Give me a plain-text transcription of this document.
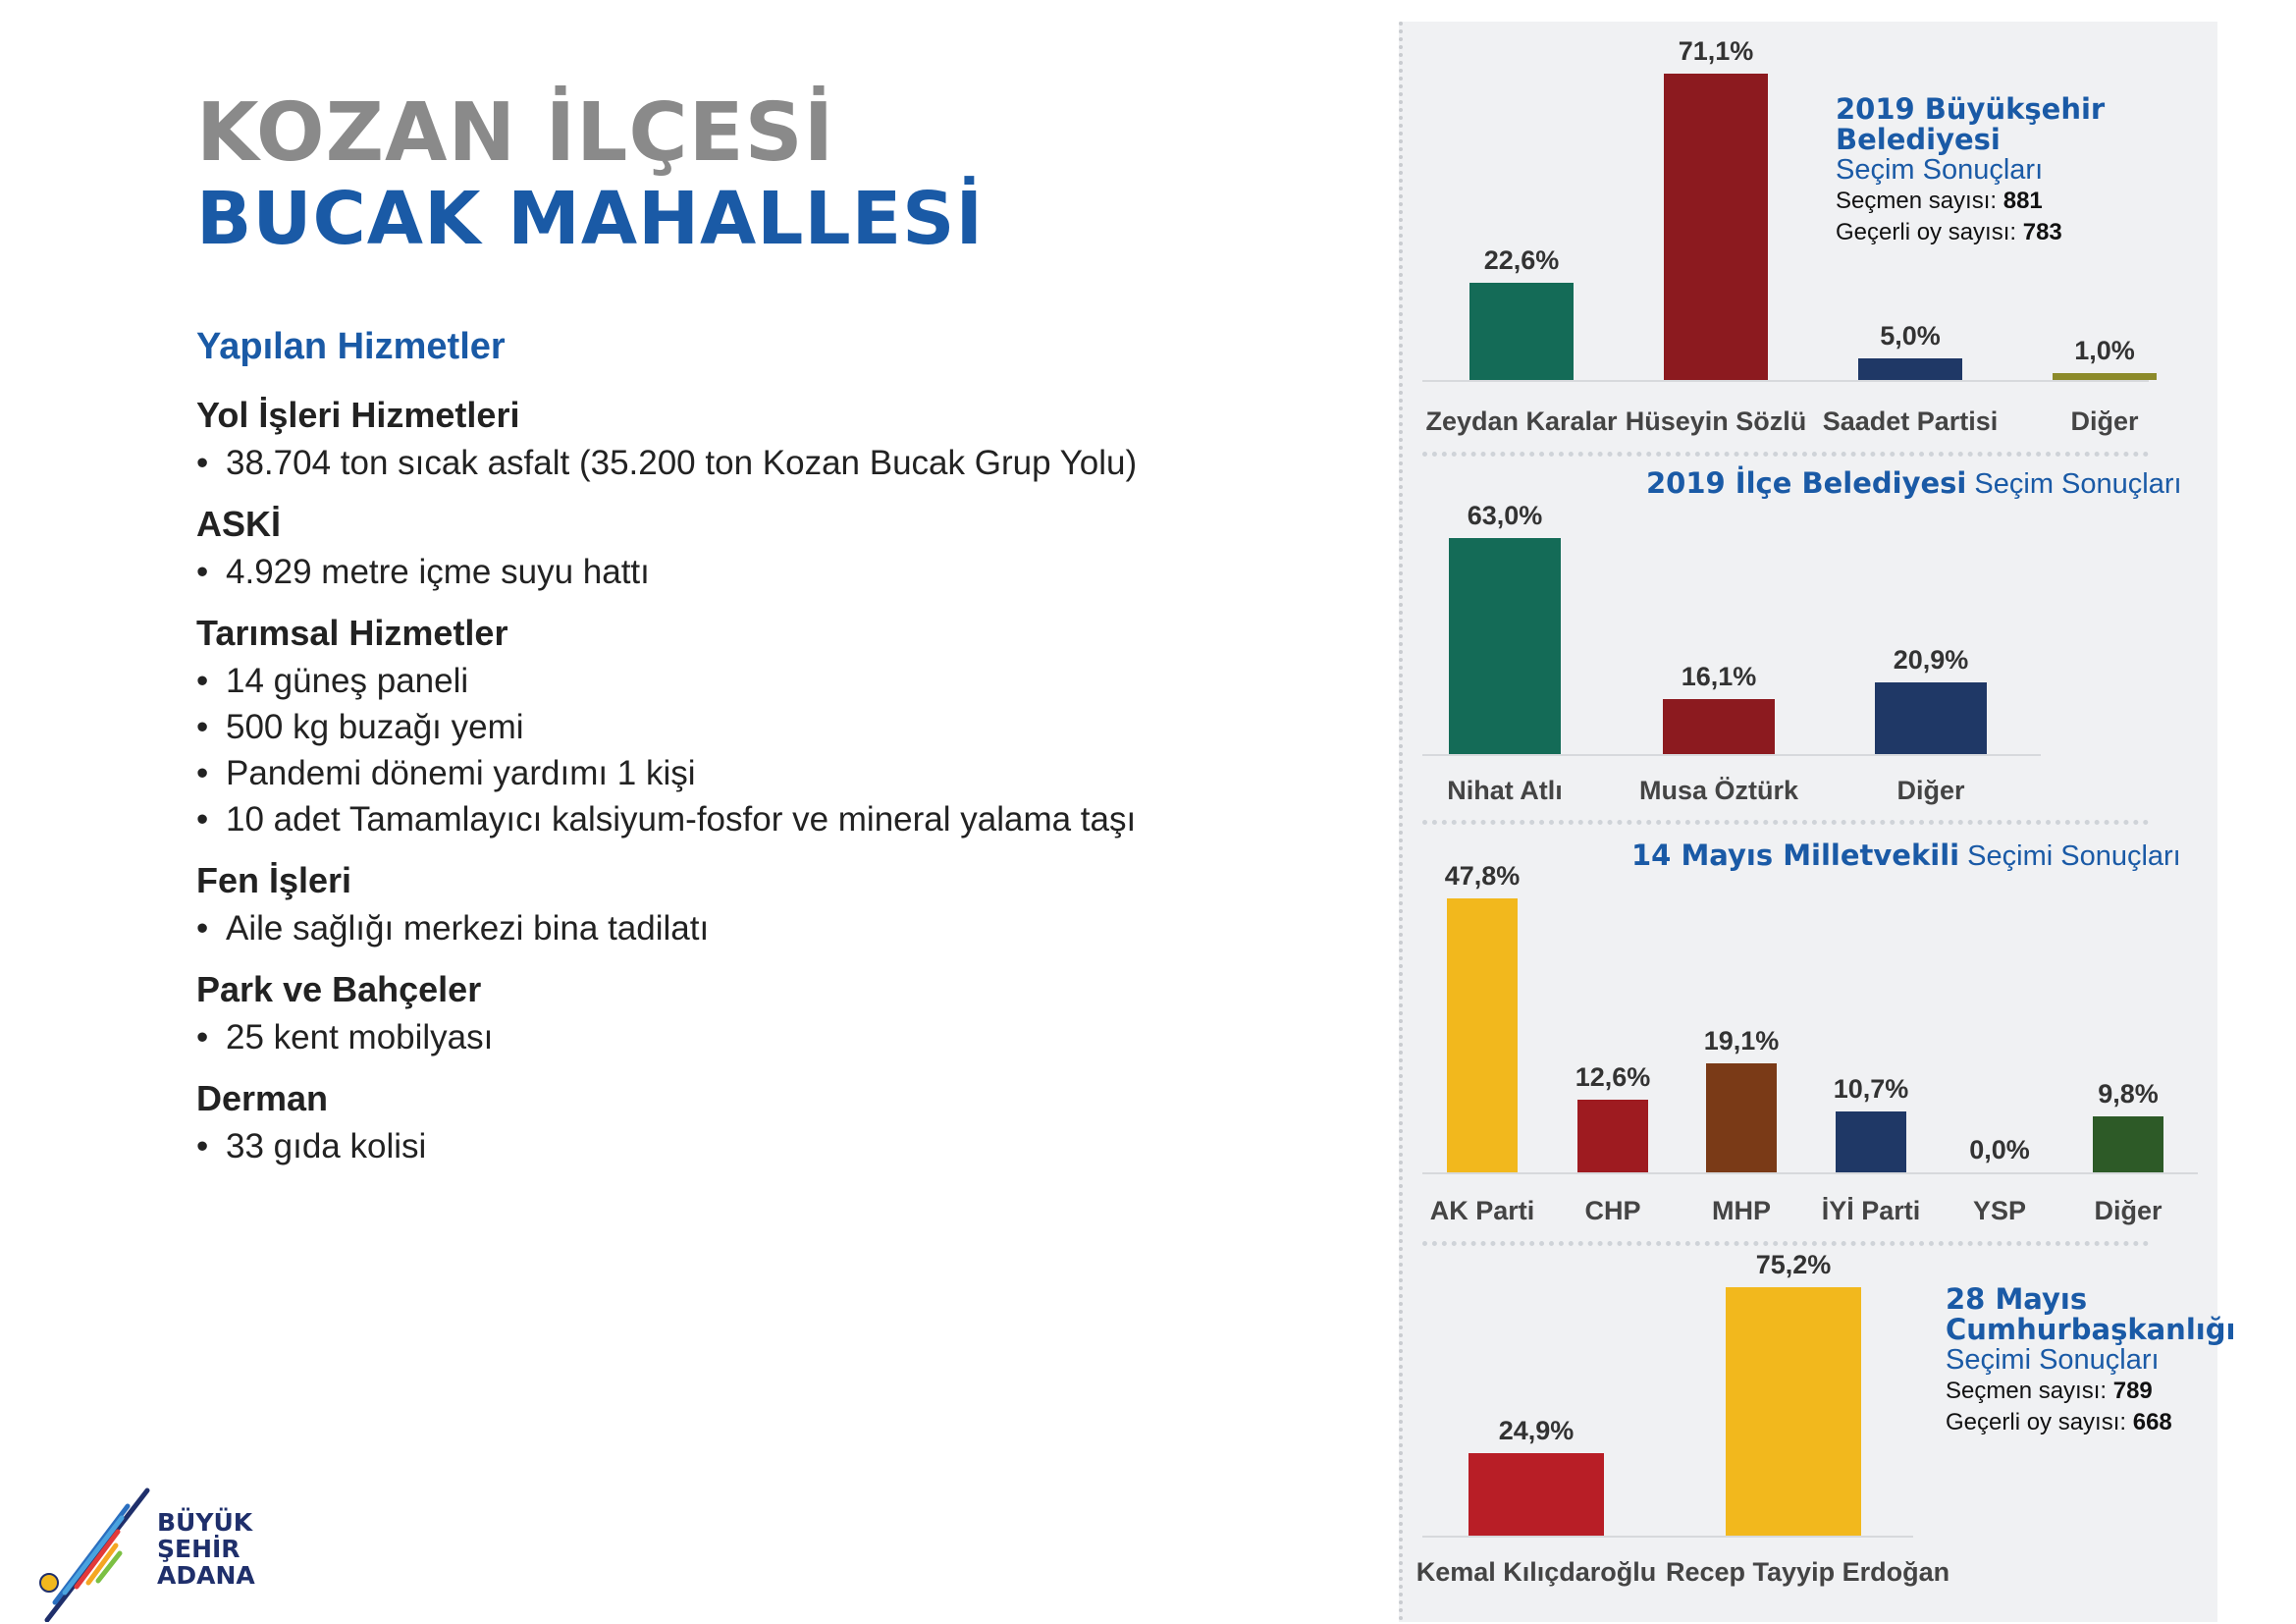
KOZAN İLÇESİ
BUCAK MAHALLESİ
Yapılan Hizmetler
Yol İşleri Hizmetleri
• 38.704 ton sıcak asfalt (35.200 ton Kozan Bucak Grup Yolu)
ASKİ
• 4.929 metre içme suyu hattı
Tarımsal Hizmetler
• 14 güneş paneli
• 500 kg buzağı yemi
• Pandemi dönemi yardımı 1 kişi
• 10 adet Tamamlayıcı kalsiyum-fosfor ve mineral yalama taşı
Fen İşleri
• Aile sağlığı merkezi bina tadilatı
Park ve Bahçeler
• 25 kent mobilyası
Derman
• 33 gıda kolisi
2019 Büyükşehir Belediyesi
Seçim Sonuçları
Seçmen sayısı: 881
Geçerli oy sayısı: 783
2019 İlçe Belediyesi Seçim Sonuçları
14 Mayıs Milletvekili Seçimi Sonuçları
28 Mayıs
Cumhurbaşkanlığı
Seçimi Sonuçları
Seçmen sayısı: 789
Geçerli oy sayısı: 668
22,6%
Zeydan Karalar
71,1%
Hüseyin Sözlü
5,0%
Saadet Partisi
1,0%
Diğer
63,0%
Nihat Atlı
16,1%
Musa Öztürk
20,9%
Diğer
47,8%
AK Parti
12,6%
CHP
19,1%
MHP
10,7%
İYİ Parti
0,0%
YSP
9,8%
Diğer
24,9%
Kemal Kılıçdaroğlu
75,2%
Recep Tayyip Erdoğan
BÜYÜK
ŞEHİR
ADANA
